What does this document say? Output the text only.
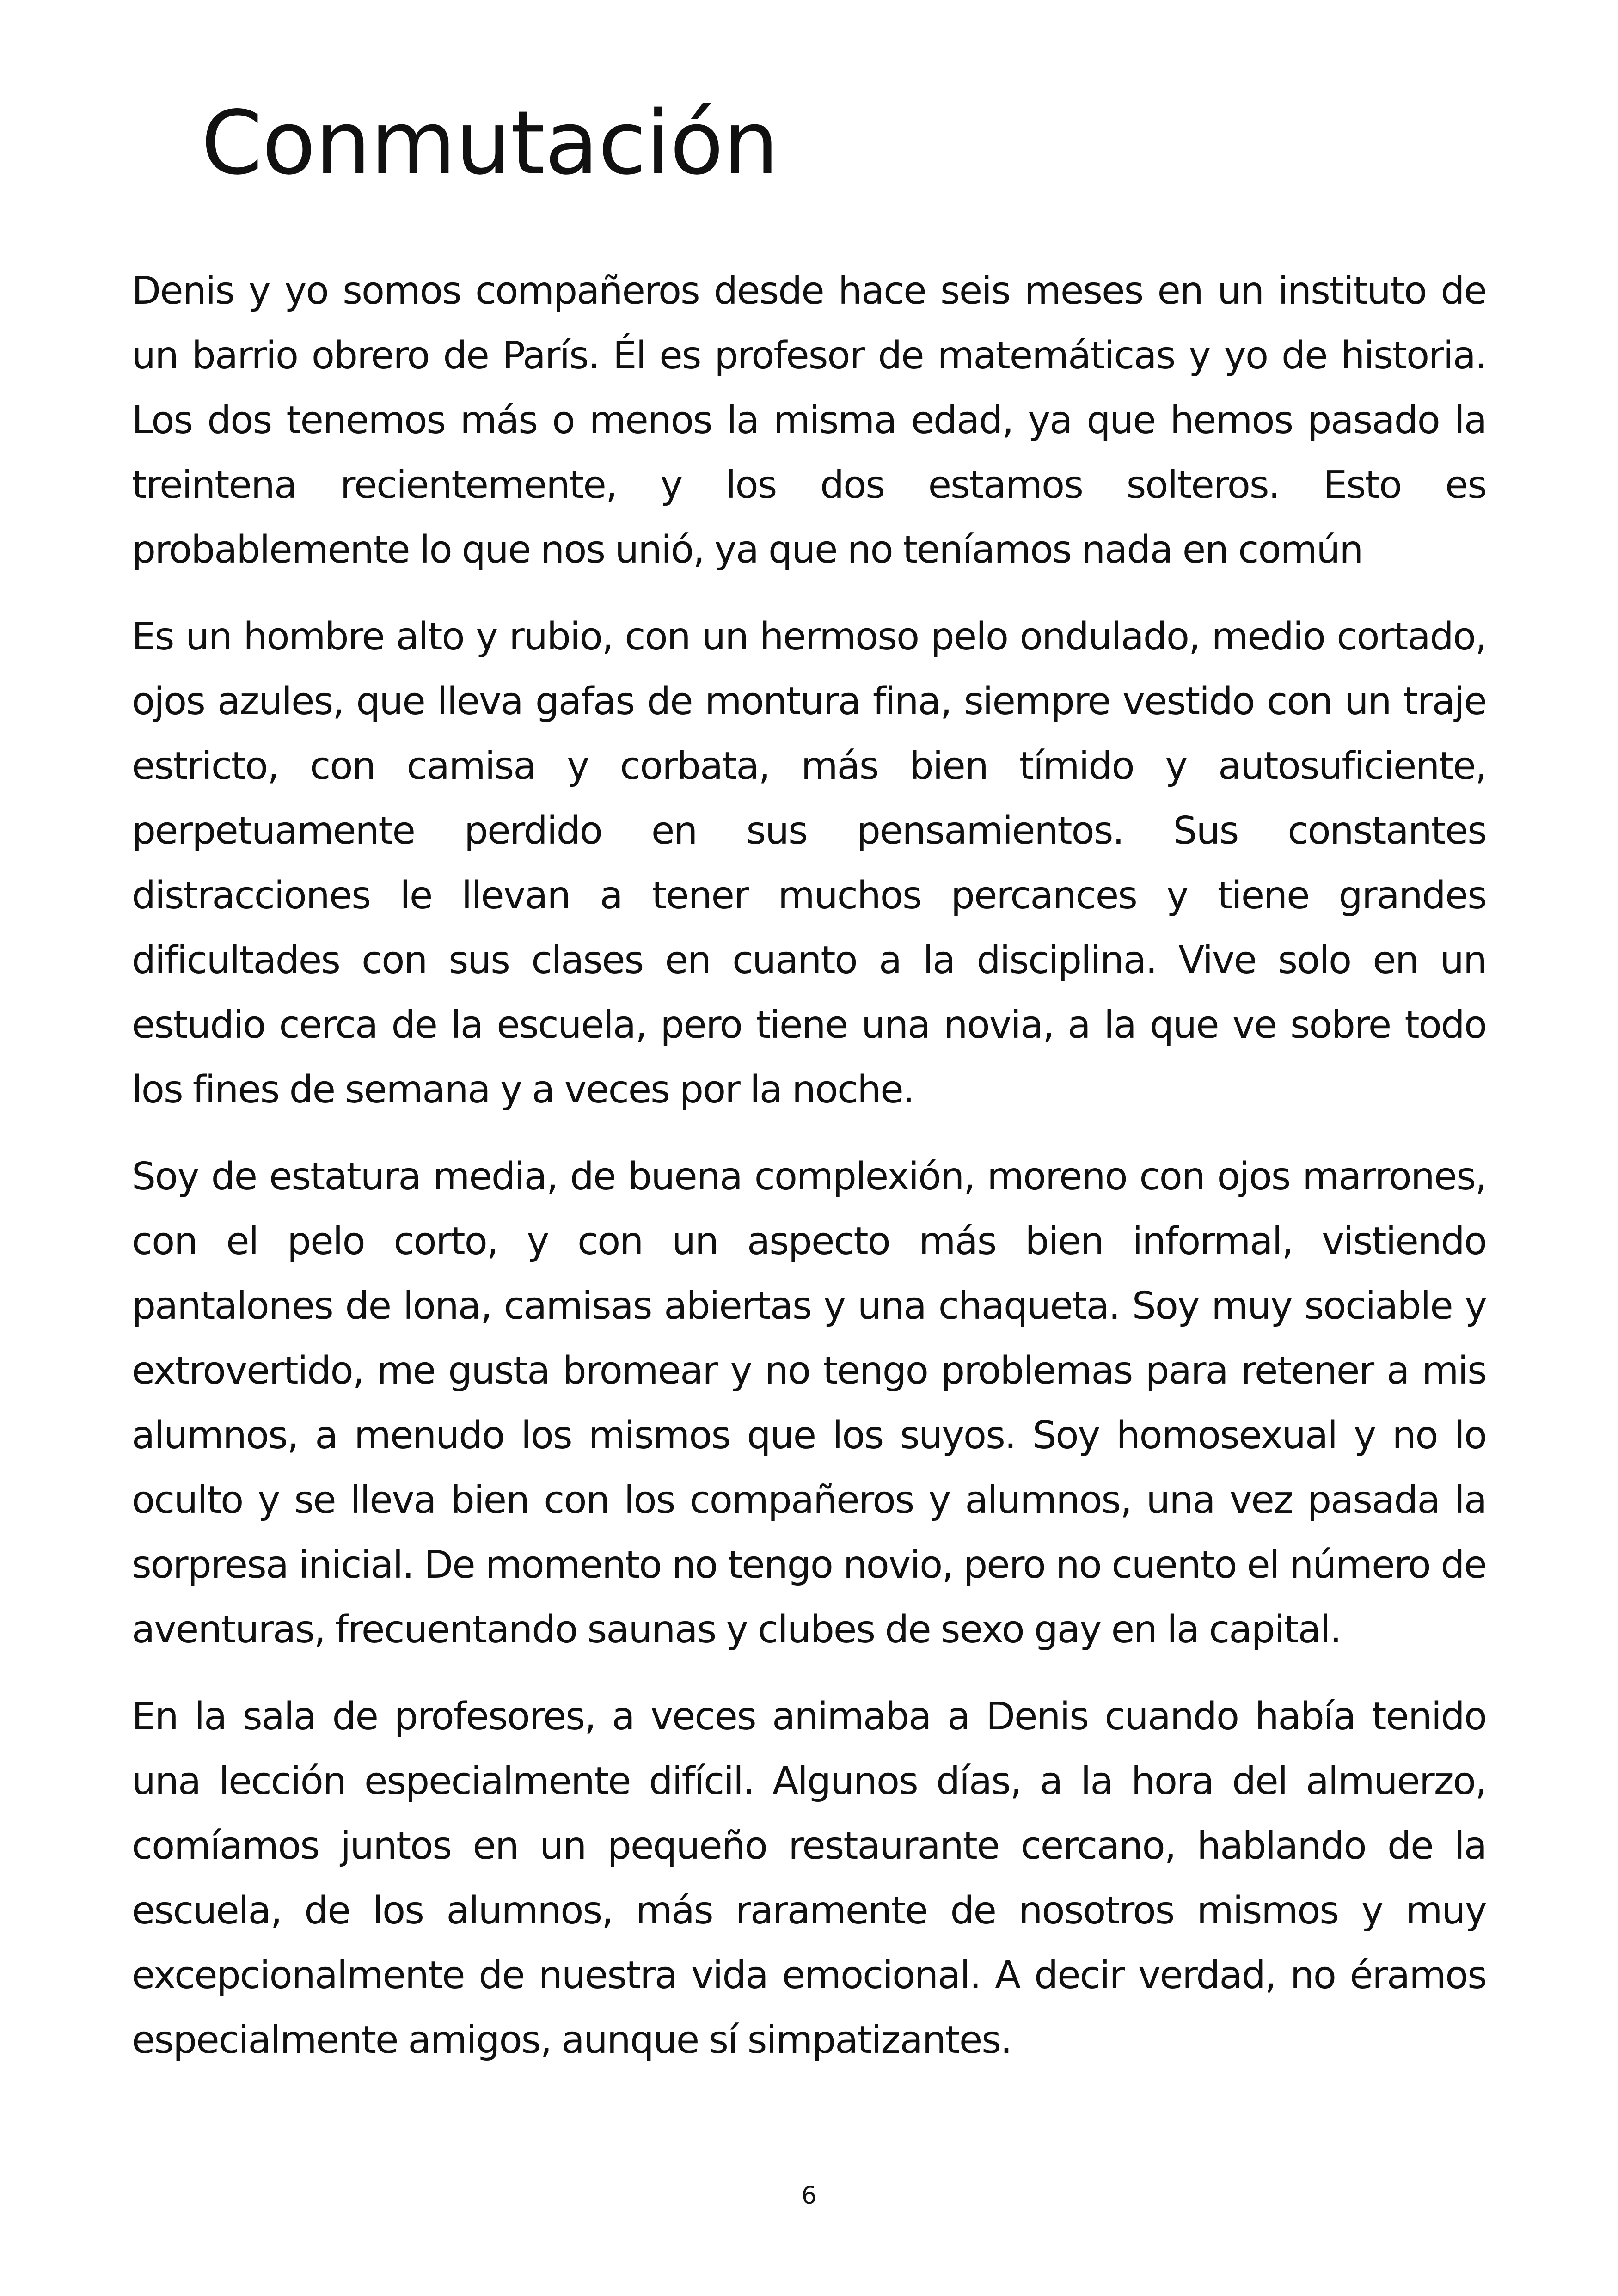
Conmutación

Denis y yo somos compañeros desde hace seis meses en un instituto de un barrio obrero de París. Él es profesor de matemáticas y yo de historia. Los dos tenemos más o menos la misma edad, ya que hemos pasado la treintena recientemente, y los dos estamos solteros. Esto es probablemente lo que nos unió, ya que no teníamos nada en común

Es un hombre alto y rubio, con un hermoso pelo ondulado, medio cortado, ojos azules, que lleva gafas de montura fina, siempre vestido con un traje estricto, con camisa y corbata, más bien tímido y autosuficiente, perpetuamente perdido en sus pensamientos. Sus constantes distracciones le llevan a tener muchos percances y tiene grandes dificultades con sus clases en cuanto a la disciplina. Vive solo en un estudio cerca de la escuela, pero tiene una novia, a la que ve sobre todo los fines de semana y a veces por la noche.

Soy de estatura media, de buena complexión, moreno con ojos marrones, con el pelo corto, y con un aspecto más bien informal, vistiendo pantalones de lona, camisas abiertas y una chaqueta. Soy muy sociable y extrovertido, me gusta bromear y no tengo problemas para retener a mis alumnos, a menudo los mismos que los suyos. Soy homosexual y no lo oculto y se lleva bien con los compañeros y alumnos, una vez pasada la sorpresa inicial. De momento no tengo novio, pero no cuento el número de aventuras, frecuentando saunas y clubes de sexo gay en la capital.

En la sala de profesores, a veces animaba a Denis cuando había tenido una lección especialmente difícil. Algunos días, a la hora del almuerzo, comíamos juntos en un pequeño restaurante cercano, hablando de la escuela, de los alumnos, más raramente de nosotros mismos y muy excepcionalmente de nuestra vida emocional. A decir verdad, no éramos especialmente amigos, aunque sí simpatizantes.

6
